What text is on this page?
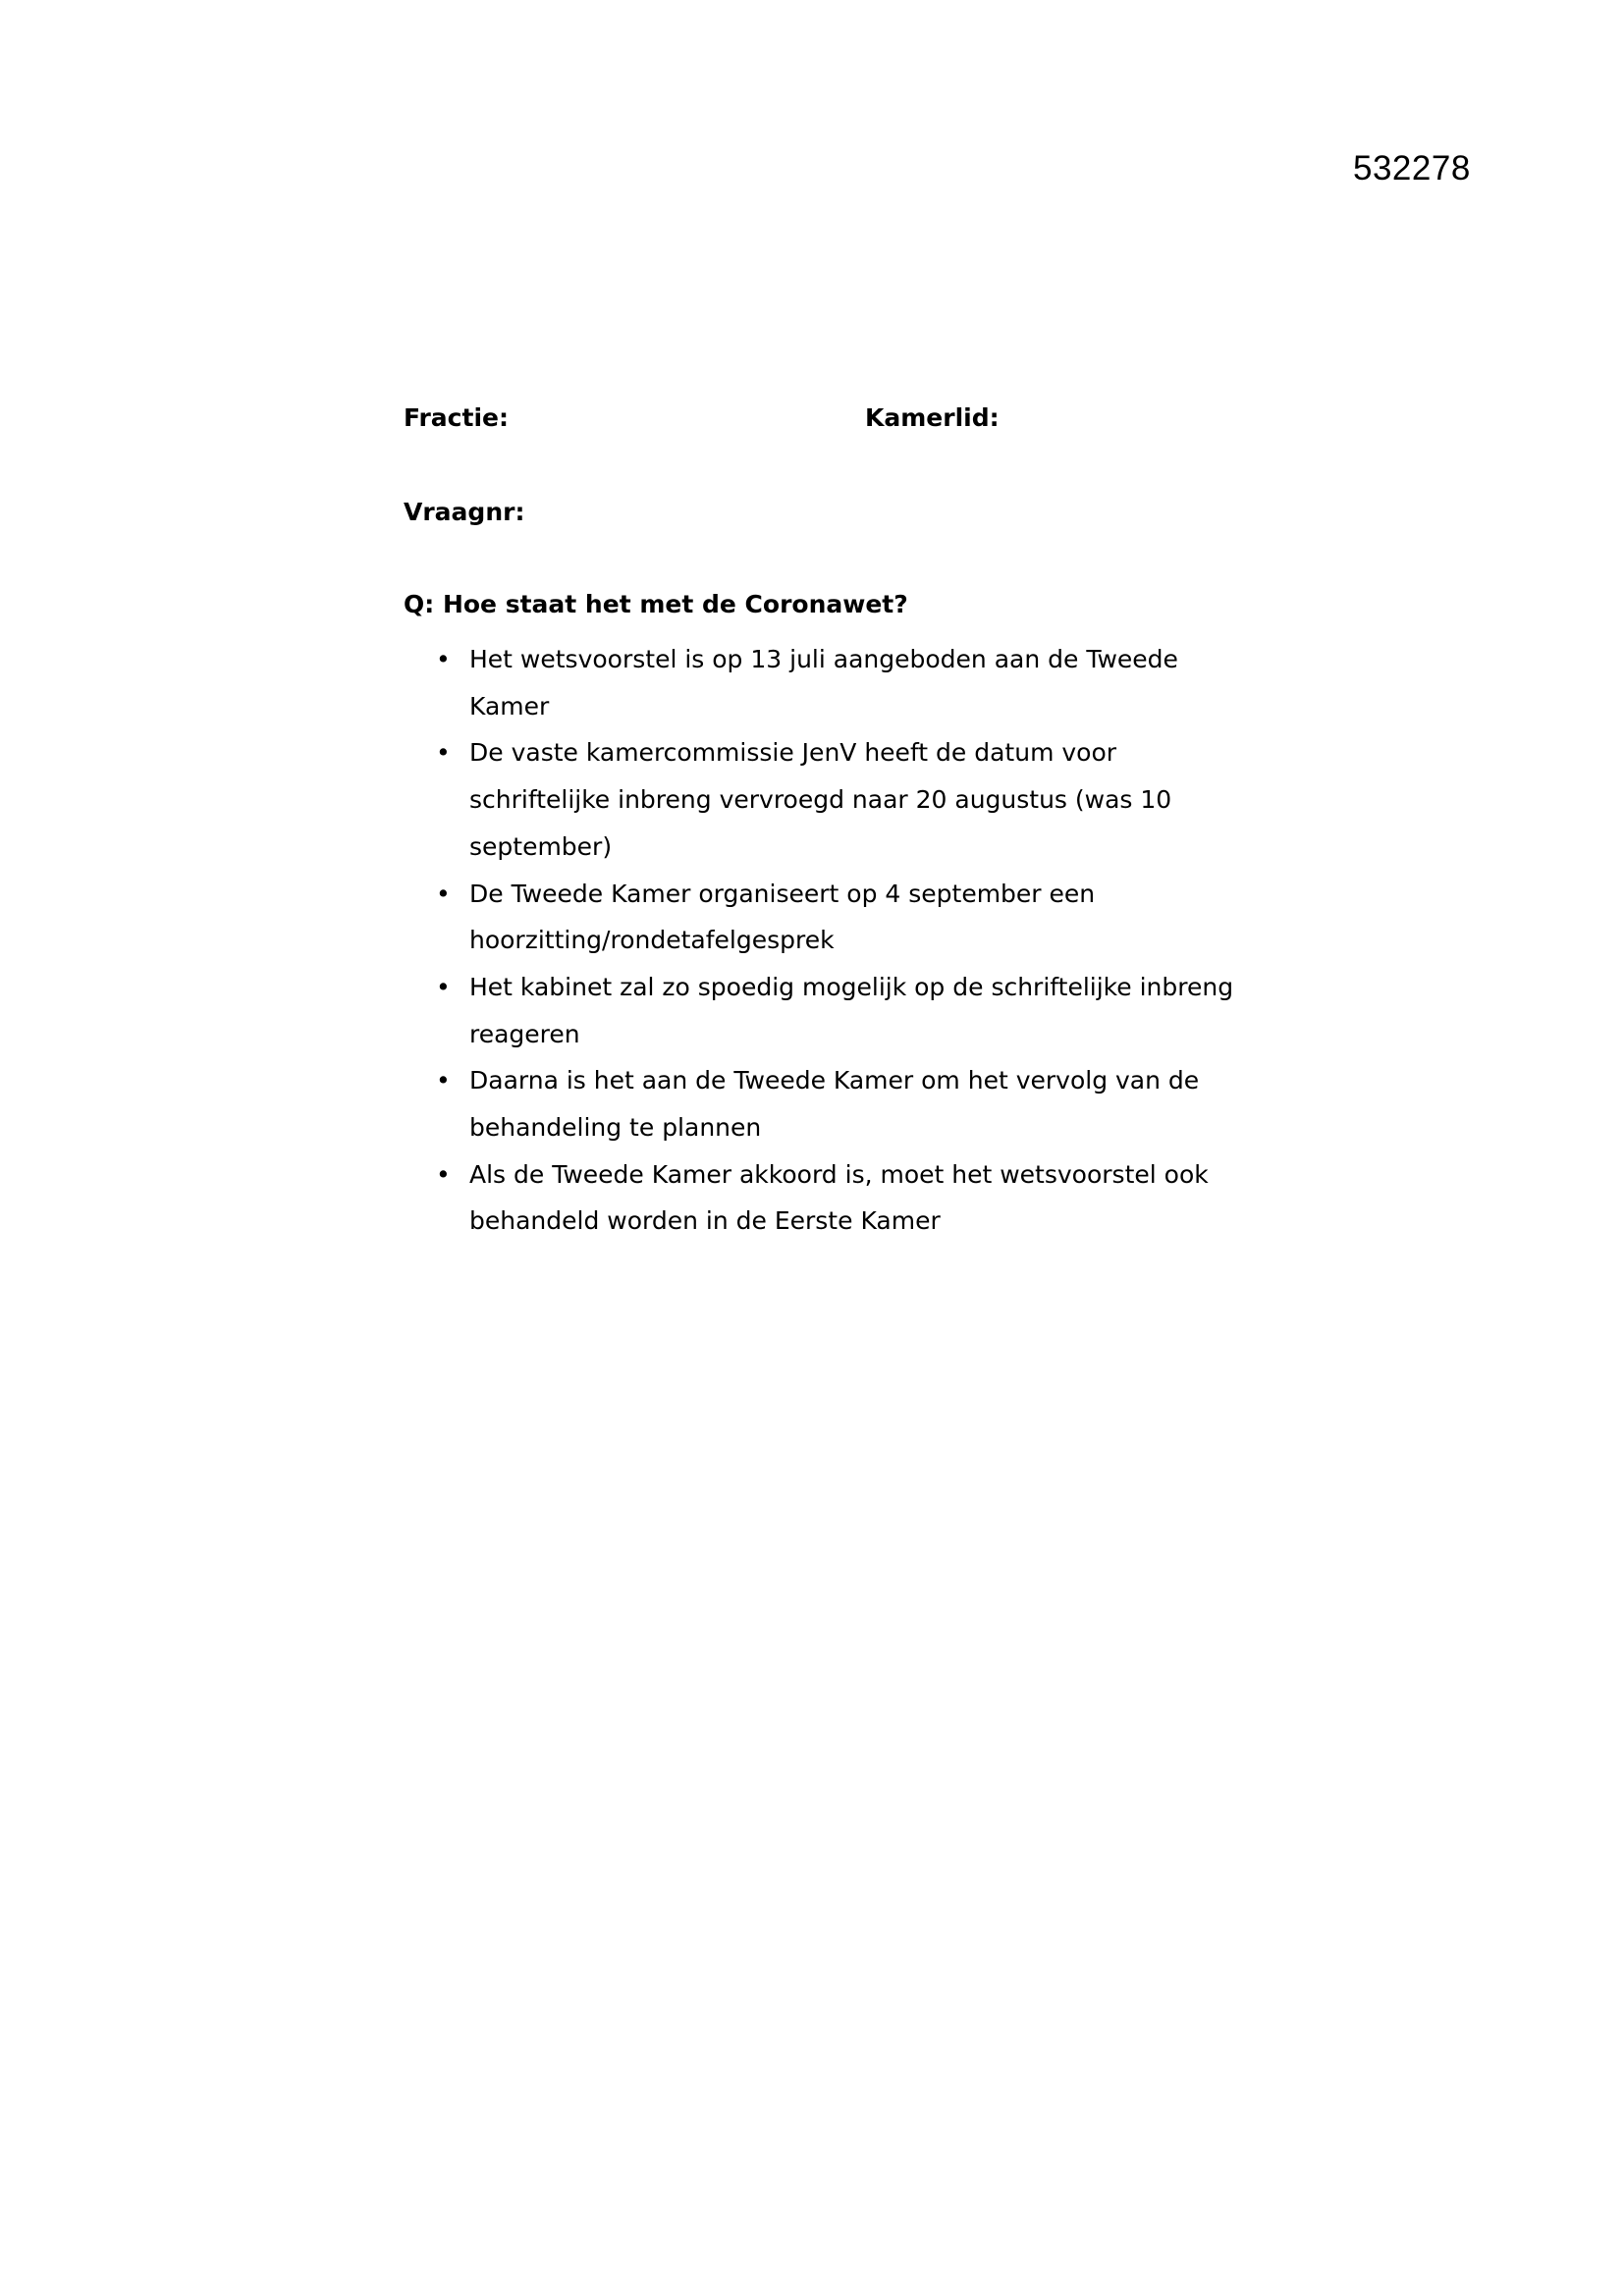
532278
Fractie:	Kamerlid:
Vraagnr:
Q: Hoe staat het met de Coronawet?
• Het wetsvoorstel is op 13 juli aangeboden aan de Tweede Kamer
• De vaste kamercommissie JenV heeft de datum voor schriftelijke inbreng vervroegd naar 20 augustus (was 10 september)
• De Tweede Kamer organiseert op 4 september een hoorzitting/rondetafelgesprek
• Het kabinet zal zo spoedig mogelijk op de schriftelijke inbreng reageren
• Daarna is het aan de Tweede Kamer om het vervolg van de behandeling te plannen
• Als de Tweede Kamer akkoord is, moet het wetsvoorstel ook behandeld worden in de Eerste Kamer
